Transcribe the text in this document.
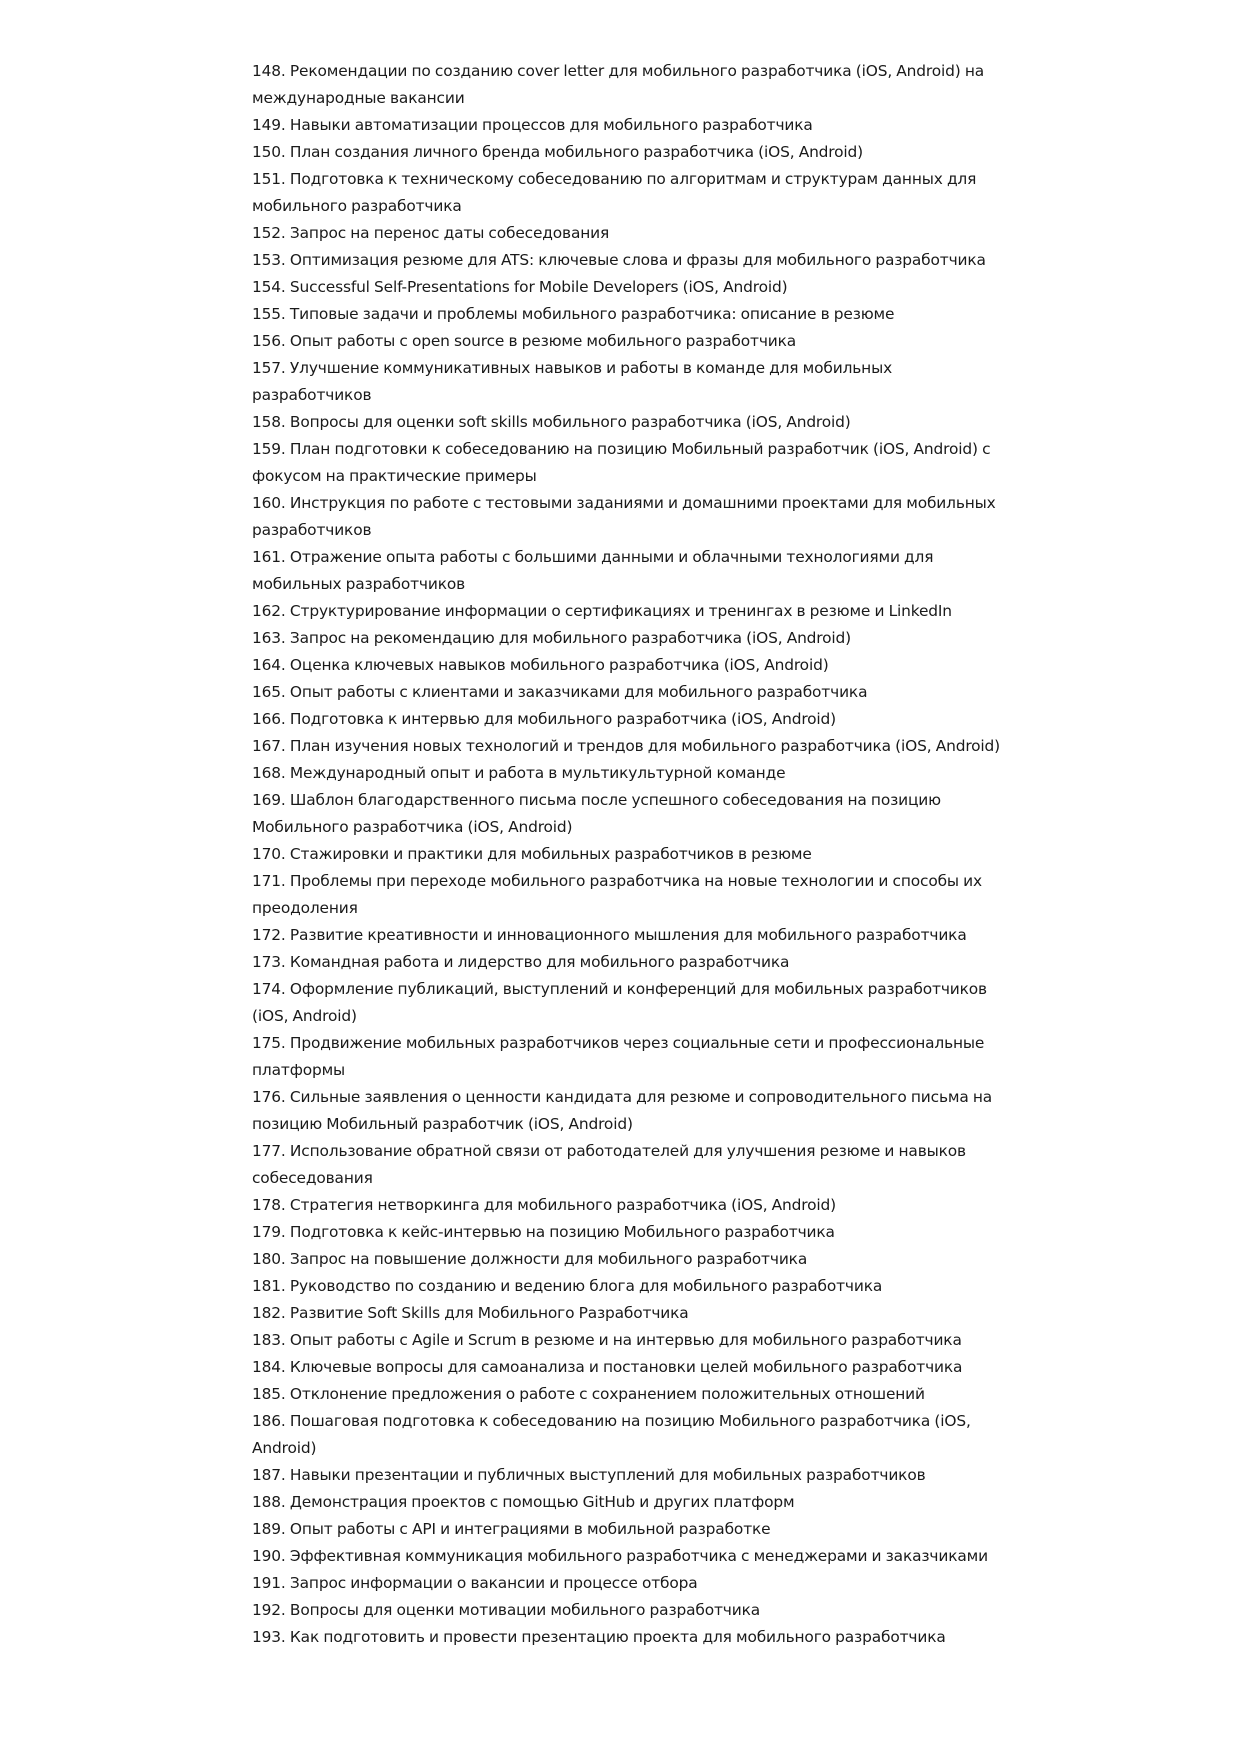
148. Рекомендации по созданию cover letter для мобильного разработчика (iOS, Android) на

международные вакансии

149. Навыки автоматизации процессов для мобильного разработчика

150. План создания личного бренда мобильного разработчика (iOS, Android)

151. Подготовка к техническому собеседованию по алгоритмам и структурам данных для

мобильного разработчика

152. Запрос на перенос даты собеседования

153. Оптимизация резюме для ATS: ключевые слова и фразы для мобильного разработчика

154. Successful Self-Presentations for Mobile Developers (iOS, Android)

155. Типовые задачи и проблемы мобильного разработчика: описание в резюме

156. Опыт работы с open source в резюме мобильного разработчика

157. Улучшение коммуникативных навыков и работы в команде для мобильных

разработчиков

158. Вопросы для оценки soft skills мобильного разработчика (iOS, Android)

159. План подготовки к собеседованию на позицию Мобильный разработчик (iOS, Android) с

фокусом на практические примеры

160. Инструкция по работе с тестовыми заданиями и домашними проектами для мобильных

разработчиков

161. Отражение опыта работы с большими данными и облачными технологиями для

мобильных разработчиков

162. Структурирование информации о сертификациях и тренингах в резюме и LinkedIn

163. Запрос на рекомендацию для мобильного разработчика (iOS, Android)

164. Оценка ключевых навыков мобильного разработчика (iOS, Android)

165. Опыт работы с клиентами и заказчиками для мобильного разработчика

166. Подготовка к интервью для мобильного разработчика (iOS, Android)

167. План изучения новых технологий и трендов для мобильного разработчика (iOS, Android)

168. Международный опыт и работа в мультикультурной команде

169. Шаблон благодарственного письма после успешного собеседования на позицию

Мобильного разработчика (iOS, Android)

170. Стажировки и практики для мобильных разработчиков в резюме

171. Проблемы при переходе мобильного разработчика на новые технологии и способы их

преодоления

172. Развитие креативности и инновационного мышления для мобильного разработчика

173. Командная работа и лидерство для мобильного разработчика

174. Оформление публикаций, выступлений и конференций для мобильных разработчиков

(iOS, Android)

175. Продвижение мобильных разработчиков через социальные сети и профессиональные

платформы

176. Сильные заявления о ценности кандидата для резюме и сопроводительного письма на

позицию Мобильный разработчик (iOS, Android)

177. Использование обратной связи от работодателей для улучшения резюме и навыков

собеседования

178. Стратегия нетворкинга для мобильного разработчика (iOS, Android)

179. Подготовка к кейс-интервью на позицию Мобильного разработчика

180. Запрос на повышение должности для мобильного разработчика

181. Руководство по созданию и ведению блога для мобильного разработчика

182. Развитие Soft Skills для Мобильного Разработчика

183. Опыт работы с Agile и Scrum в резюме и на интервью для мобильного разработчика

184. Ключевые вопросы для самоанализа и постановки целей мобильного разработчика

185. Отклонение предложения о работе с сохранением положительных отношений

186. Пошаговая подготовка к собеседованию на позицию Мобильного разработчика (iOS,

Android)

187. Навыки презентации и публичных выступлений для мобильных разработчиков

188. Демонстрация проектов с помощью GitHub и других платформ

189. Опыт работы с API и интеграциями в мобильной разработке

190. Эффективная коммуникация мобильного разработчика с менеджерами и заказчиками

191. Запрос информации о вакансии и процессе отбора

192. Вопросы для оценки мотивации мобильного разработчика

193. Как подготовить и провести презентацию проекта для мобильного разработчика
